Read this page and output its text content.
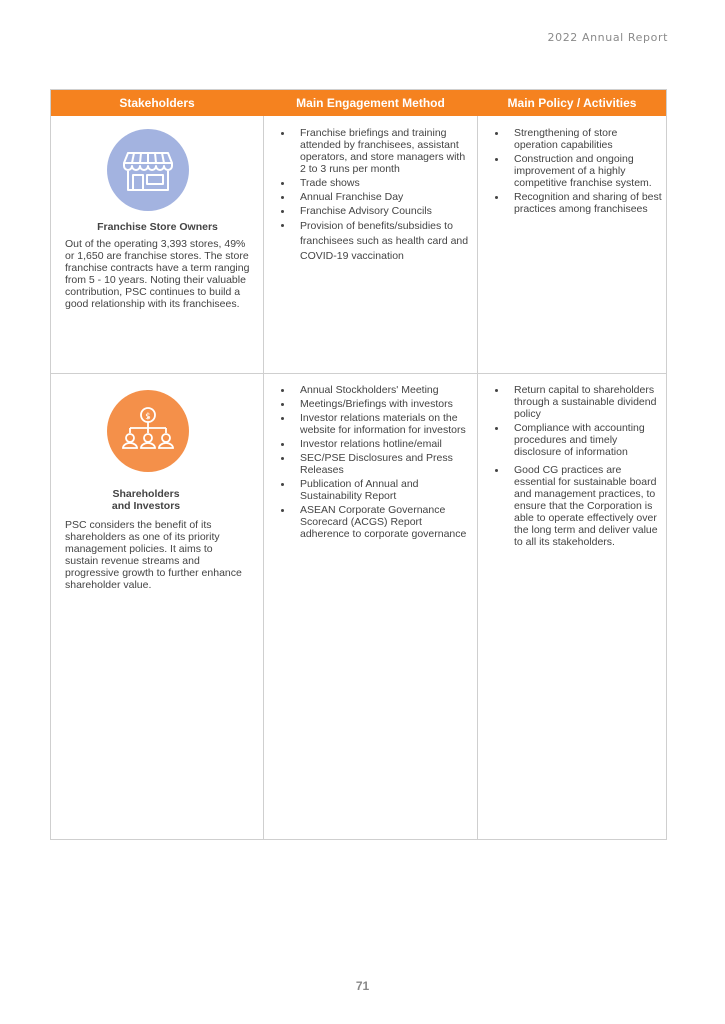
2022 Annual Report
Stakeholders	Main Engagement Method	Main Policy / Activities
Franchise Store Owners
Out of the operating 3,393 stores, 49% or 1,650 are franchise stores. The store franchise contracts have a term ranging from 5 - 10 years. Noting their valuable contribution, PSC continues to build a good relationship with its franchisees.
Franchise briefings and training attended by franchisees, assistant operators, and store managers with 2 to 3 runs per month
Trade shows
Annual Franchise Day
Franchise Advisory Councils
Provision of benefits/subsidies to franchisees such as health card and COVID-19 vaccination
Strengthening of store operation capabilities
Construction and ongoing improvement of a highly competitive franchise system.
Recognition and sharing of best practices among franchisees
$
Shareholders
and Investors
PSC considers the benefit of its shareholders as one of its priority management policies. It aims to sustain revenue streams and progressive growth to further enhance shareholder value.
Annual Stockholders' Meeting
Meetings/Briefings with investors
Investor relations materials on the website for information for investors
Investor relations hotline/email
SEC/PSE Disclosures and Press Releases
Publication of Annual and Sustainability Report
ASEAN Corporate Governance Scorecard (ACGS) Report adherence to corporate governance
Return capital to shareholders through a sustainable dividend policy
Compliance with accounting procedures and timely disclosure of information
Good CG practices are essential for sustainable board and management practices, to ensure that the Corporation is able to operate effectively over the long term and deliver value to all its stakeholders.
71
